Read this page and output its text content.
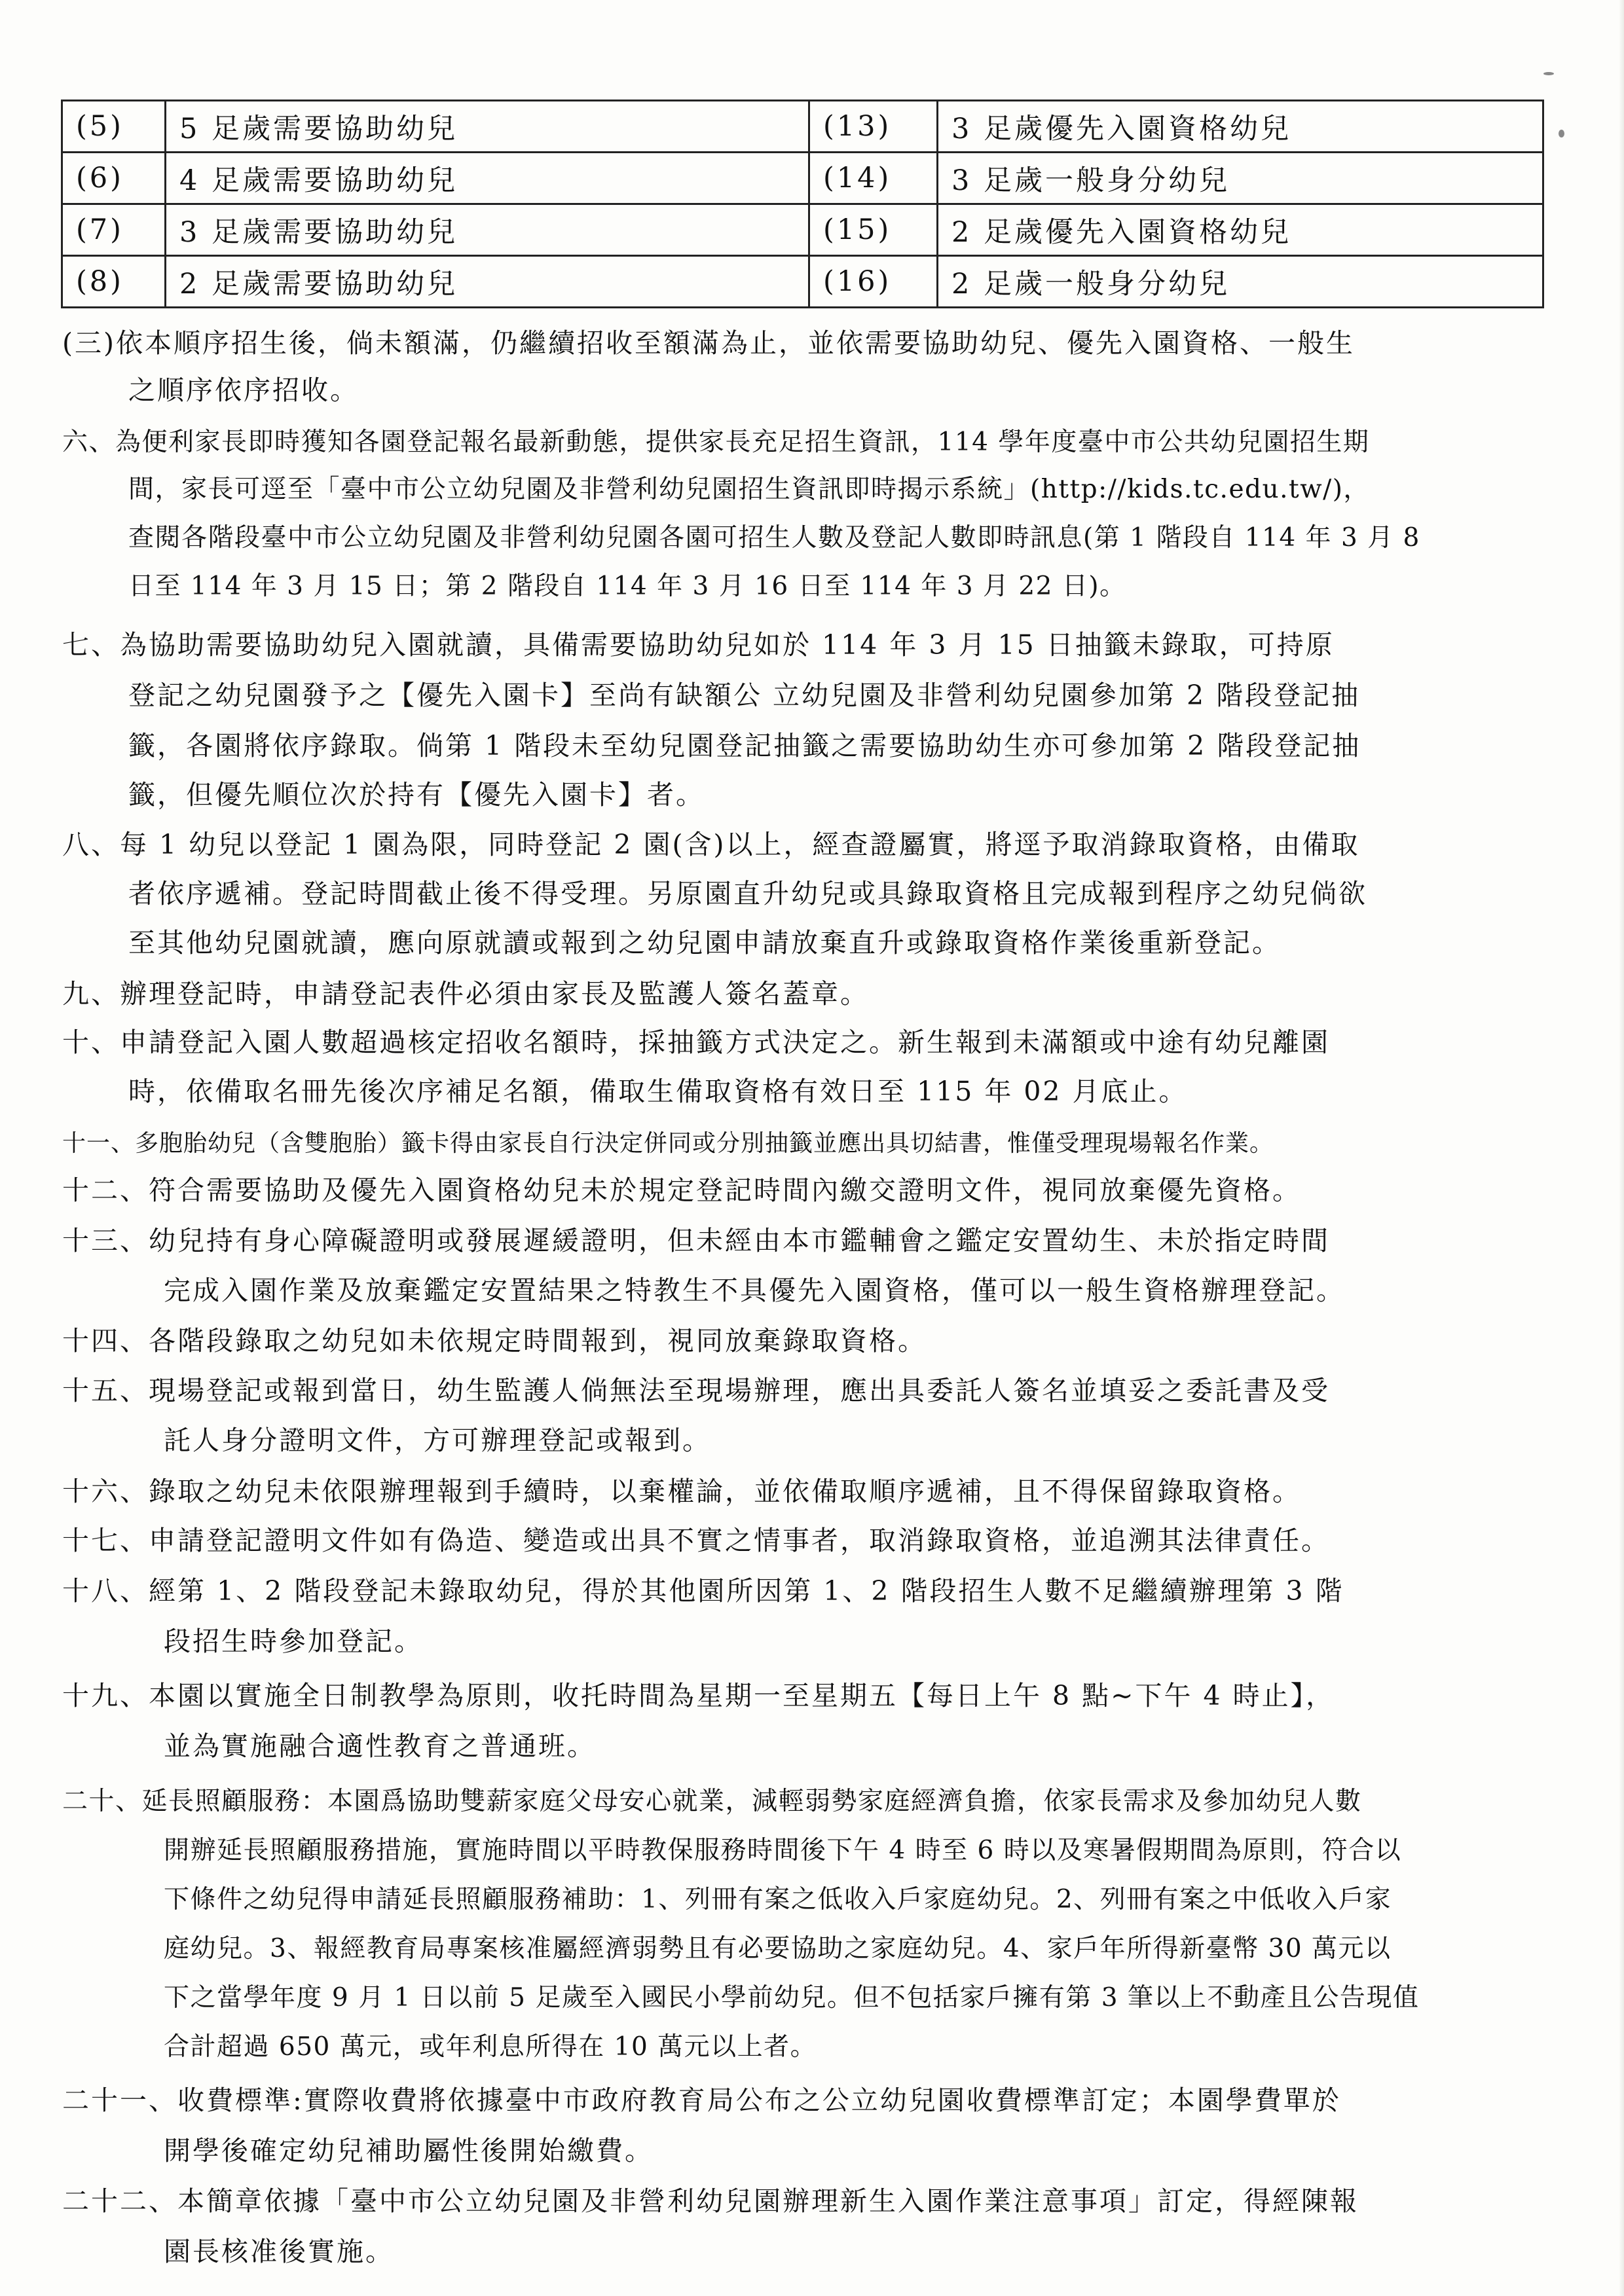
(5)	5 足歲需要協助幼兒	(13)	3 足歲優先入園資格幼兒
(6)	4 足歲需要協助幼兒	(14)	3 足歲一般身分幼兒
(7)	3 足歲需要協助幼兒	(15)	2 足歲優先入園資格幼兒
(8)	2 足歲需要協助幼兒	(16)	2 足歲一般身分幼兒
(三)依本順序招生後，倘未額滿，仍繼續招收至額滿為止，並依需要協助幼兒、優先入園資格、一般生
之順序依序招收。
六、為便利家長即時獲知各園登記報名最新動態，提供家長充足招生資訊，114 學年度臺中市公共幼兒園招生期
間，家長可逕至「臺中市公立幼兒園及非營利幼兒園招生資訊即時揭示系統」(http://kids.tc.edu.tw/)，
查閱各階段臺中市公立幼兒園及非營利幼兒園各園可招生人數及登記人數即時訊息(第 1 階段自 114 年 3 月 8
日至 114 年 3 月 15 日；第 2 階段自 114 年 3 月 16 日至 114 年 3 月 22 日)。
七、為協助需要協助幼兒入園就讀，具備需要協助幼兒如於 114 年 3 月 15 日抽籤未錄取，可持原
登記之幼兒園發予之【優先入園卡】至尚有缺額公 立幼兒園及非營利幼兒園參加第 2 階段登記抽
籤，各園將依序錄取。倘第 1 階段未至幼兒園登記抽籤之需要協助幼生亦可參加第 2 階段登記抽
籤，但優先順位次於持有【優先入園卡】者。
八、每 1 幼兒以登記 1 園為限，同時登記 2 園(含)以上，經查證屬實，將逕予取消錄取資格，由備取
者依序遞補。登記時間截止後不得受理。另原園直升幼兒或具錄取資格且完成報到程序之幼兒倘欲
至其他幼兒園就讀，應向原就讀或報到之幼兒園申請放棄直升或錄取資格作業後重新登記。
九、辦理登記時，申請登記表件必須由家長及監護人簽名蓋章。
十、申請登記入園人數超過核定招收名額時，採抽籤方式決定之。新生報到未滿額或中途有幼兒離園
時，依備取名冊先後次序補足名額，備取生備取資格有效日至 115 年 02 月底止。
十一、多胞胎幼兒（含雙胞胎）籤卡得由家長自行決定併同或分別抽籤並應出具切結書，惟僅受理現場報名作業。
十二、符合需要協助及優先入園資格幼兒未於規定登記時間內繳交證明文件，視同放棄優先資格。
十三、幼兒持有身心障礙證明或發展遲緩證明，但未經由本市鑑輔會之鑑定安置幼生、未於指定時間
完成入園作業及放棄鑑定安置結果之特教生不具優先入園資格，僅可以一般生資格辦理登記。
十四、各階段錄取之幼兒如未依規定時間報到，視同放棄錄取資格。
十五、現場登記或報到當日，幼生監護人倘無法至現場辦理，應出具委託人簽名並填妥之委託書及受
託人身分證明文件，方可辦理登記或報到。
十六、錄取之幼兒未依限辦理報到手續時，以棄權論，並依備取順序遞補，且不得保留錄取資格。
十七、申請登記證明文件如有偽造、變造或出具不實之情事者，取消錄取資格，並追溯其法律責任。
十八、經第 1、2 階段登記未錄取幼兒，得於其他園所因第 1、2 階段招生人數不足繼續辦理第 3 階
段招生時參加登記。
十九、本園以實施全日制教學為原則，收托時間為星期一至星期五【每日上午 8 點~下午 4 時止】，
並為實施融合適性教育之普通班。
二十、延長照顧服務：本園爲協助雙薪家庭父母安心就業，減輕弱勢家庭經濟負擔，依家長需求及參加幼兒人數
開辦延長照顧服務措施，實施時間以平時教保服務時間後下午 4 時至 6 時以及寒暑假期間為原則，符合以
下條件之幼兒得申請延長照顧服務補助：1、列冊有案之低收入戶家庭幼兒。2、列冊有案之中低收入戶家
庭幼兒。3、報經教育局專案核准屬經濟弱勢且有必要協助之家庭幼兒。4、家戶年所得新臺幣 30 萬元以
下之當學年度 9 月 1 日以前 5 足歲至入國民小學前幼兒。但不包括家戶擁有第 3 筆以上不動產且公告現值
合計超過 650 萬元，或年利息所得在 10 萬元以上者。
二十一、收費標準:實際收費將依據臺中市政府教育局公布之公立幼兒園收費標準訂定；本園學費單於
開學後確定幼兒補助屬性後開始繳費。
二十二、本簡章依據「臺中市公立幼兒園及非營利幼兒園辦理新生入園作業注意事項」訂定，得經陳報
園長核准後實施。
